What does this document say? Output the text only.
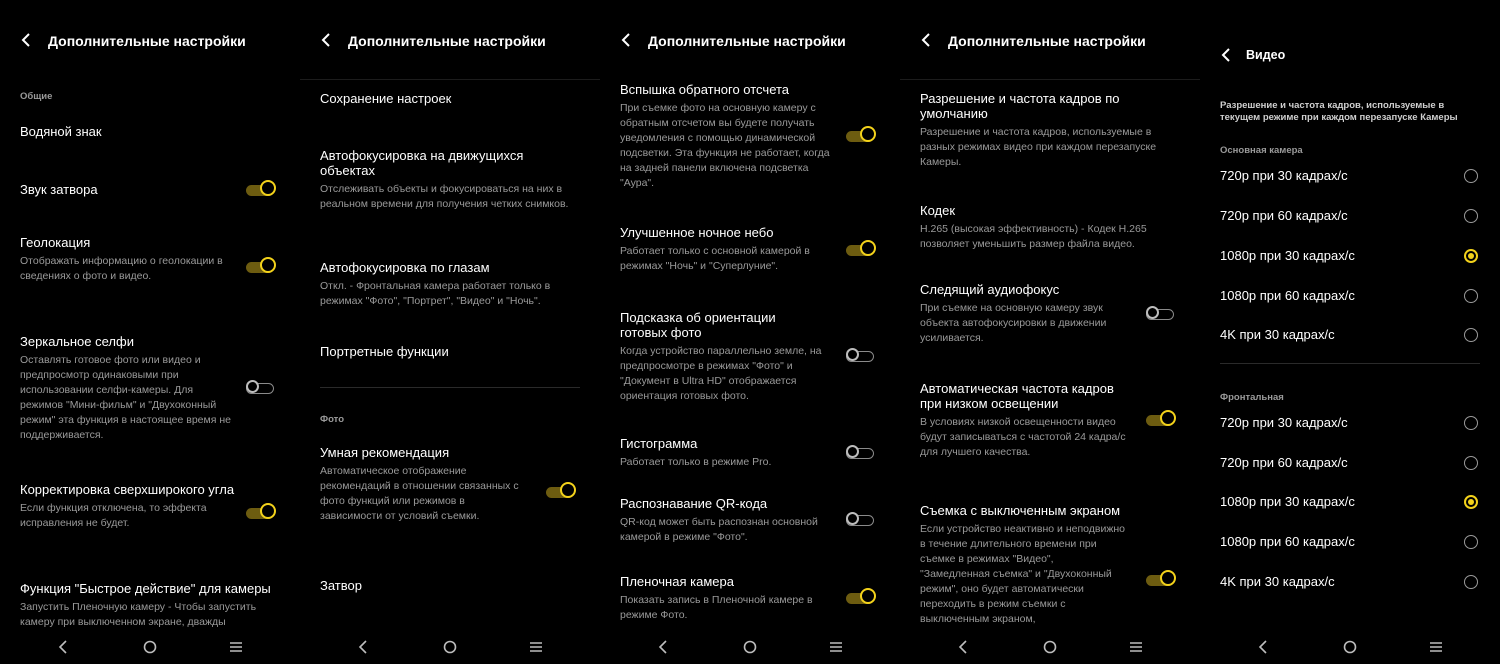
Общие
Водяной знак
Звук затвора
Геолокация
Отображать информацию о геолокации в сведениях о фото и видео.
Зеркальное селфи
Оставлять готовое фото или видео и предпросмотр одинаковыми при использовании селфи-камеры. Для режимов "Мини-фильм" и "Двухоконный режим" эта функция в настоящее время не поддерживается.
Корректировка сверхширокого угла
Если функция отключена, то эффекта исправления не будет.
Функция "Быстрое действие" для камеры
Запустить Пленочную камеру - Чтобы запустить камеру при выключенном экране, дважды
Дополнительные настройки
Сохранение настроек
Автофокусировка на движущихся объектах
Отслеживать объекты и фокусироваться на них в реальном времени для получения четких снимков.
Автофокусировка по глазам
Откл. - Фронтальная камера работает только в режимах "Фото", "Портрет", "Видео" и "Ночь".
Портретные функции
Фото
Умная рекомендация
Автоматическое отображение рекомендаций в отношении связанных с фото функций или режимов в зависимости от условий съемки.
Затвор
Дополнительные настройки
Вспышка обратного отсчета
При съемке фото на основную камеру с обратным отсчетом вы будете получать уведомления с помощью динамической подсветки. Эта функция не работает, когда на задней панели включена подсветка "Аура".
Улучшенное ночное небо
Работает только с основной камерой в режимах "Ночь" и "Суперлуние".
Подсказка об ориентации готовых фото
Когда устройство параллельно земле, на предпросмотре в режимах "Фото" и "Документ в Ultra HD" отображается ориентация готовых фото.
Гистограмма
Работает только в режиме Pro.
Распознавание QR-кода
QR-код может быть распознан основной камерой в режиме "Фото".
Пленочная камера
Показать запись в Пленочной камере в режиме Фото.
Дополнительные настройки
Разрешение и частота кадров по умолчанию
Разрешение и частота кадров, используемые в разных режимах видео при каждом перезапуске Камеры.
Кодек
H.265 (высокая эффективность) - Кодек H.265 позволяет уменьшить размер файла видео.
Следящий аудиофокус
При съемке на основную камеру звук объекта автофокусировки в движении усиливается.
Автоматическая частота кадров при низком освещении
В условиях низкой освещенности видео будут записываться с частотой 24 кадра/с для лучшего качества.
Съемка с выключенным экраном
Если устройство неактивно и неподвижно в течение длительного времени при съемке в режимах "Видео", "Замедленная съемка" и "Двухоконный режим", оно будет автоматически переходить в режим съемки с выключенным экраном,
Дополнительные настройки
Разрешение и частота кадров, используемые в текущем режиме при каждом перезапуске Камеры
Основная камера
720p при 30 кадрах/с
720p при 60 кадрах/с
1080p при 30 кадрах/с
1080p при 60 кадрах/с
4K при 30 кадрах/с
Фронтальная
720p при 30 кадрах/с
720p при 60 кадрах/с
1080p при 30 кадрах/с
1080p при 60 кадрах/с
4K при 30 кадрах/с
Видео
